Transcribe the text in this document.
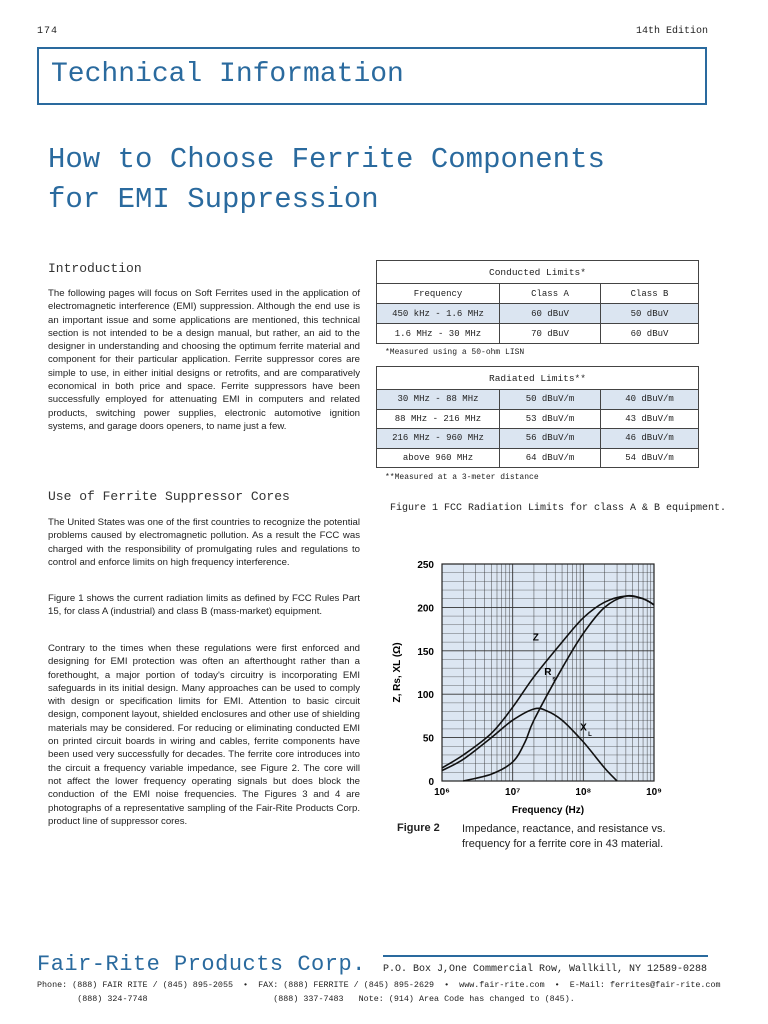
174	14th Edition
Technical Information
How to Choose Ferrite Components
for EMI Suppression
Introduction
The following pages will focus on Soft Ferrites used in the application of electromagnetic interference (EMI) suppression. Although the end use is an important issue and some applications are mentioned, this technical section is not intended to be a design manual, but rather, an aid to the designer in understanding and choosing the optimum ferrite material and component for their particular application. Ferrite suppressor cores are simple to use, in either initial designs or retrofits, and are comparatively economical in both price and space. Ferrite suppressors have been successfully employed for attenuating EMI in computers and related products, switching power supplies, electronic automotive ignition systems, and garage doors openers, to name just a few.
Use of Ferrite Suppressor Cores
The United States was one of the first countries to recognize the potential problems caused by electromagnetic pollution. As a result the FCC was charged with the responsibility of promulgating rules and regulations to control and enforce limits on high frequency interference.
Figure 1 shows the current radiation limits as defined by FCC Rules Part 15, for class A (industrial) and class B (mass-market) equipment.
Contrary to the times when these regulations were first enforced and designing for EMI protection was often an afterthought rather than a forethought, a major portion of today's circuitry is incorporating EMI safeguards in its initial design. Many approaches can be used to comply with design or specification limits for EMI. Attention to basic circuit design, component layout, shielded enclosures and other use of shielding materials may be considered. For reducing or eliminating conducted EMI on printed circuit boards in wiring and cables, ferrite components have been used very successfully for decades. The ferrite core introduces into the circuit a frequency variable impedance, see Figure 2. The core will not affect the lower frequency operating signals but does block the conduction of the EMI noise frequencies. The Figures 3 and 4 are photographs of a representative sampling of the Fair-Rite Products Corp. product line of suppressor cores.
Conducted Limits*		
Frequency	Class A	Class B
450 kHz - 1.6 MHz	60 dBuV	50 dBuV
1.6 MHz - 30 MHz	70 dBuV	60 dBuV
*Measured using a 50-ohm LISN
Radiated Limits**		
30 MHz - 88 MHz	50 dBuV/m	40 dBuV/m
88 MHz - 216 MHz	53 dBuV/m	43 dBuV/m
216 MHz - 960 MHz	56 dBuV/m	46 dBuV/m
above 960 MHz	64 dBuV/m	54 dBuV/m
**Measured at a 3-meter distance
Figure 1 FCC Radiation Limits for class A & B equipment.
0
50
100
150
200
250
10⁶	10⁷	10⁸	10⁹
Z, Rs, XL (Ω)
Frequency (Hz)
Z
R
s
X
L
Figure 2 Impedance, reactance, and resistance vs.
frequency for a ferrite core in 43 material.
Fair-Rite Products Corp. P.O. Box J,One Commercial Row, Wallkill, NY 12589-0288
Phone: (888) FAIR RITE / (845) 895-2055  •  FAX: (888) FERRITE / (845) 895-2629  •  www.fair-rite.com  •  E-Mail: ferrites@fair-rite.com
(888) 324-7748                         (888) 337-7483   Note: (914) Area Code has changed to (845).
